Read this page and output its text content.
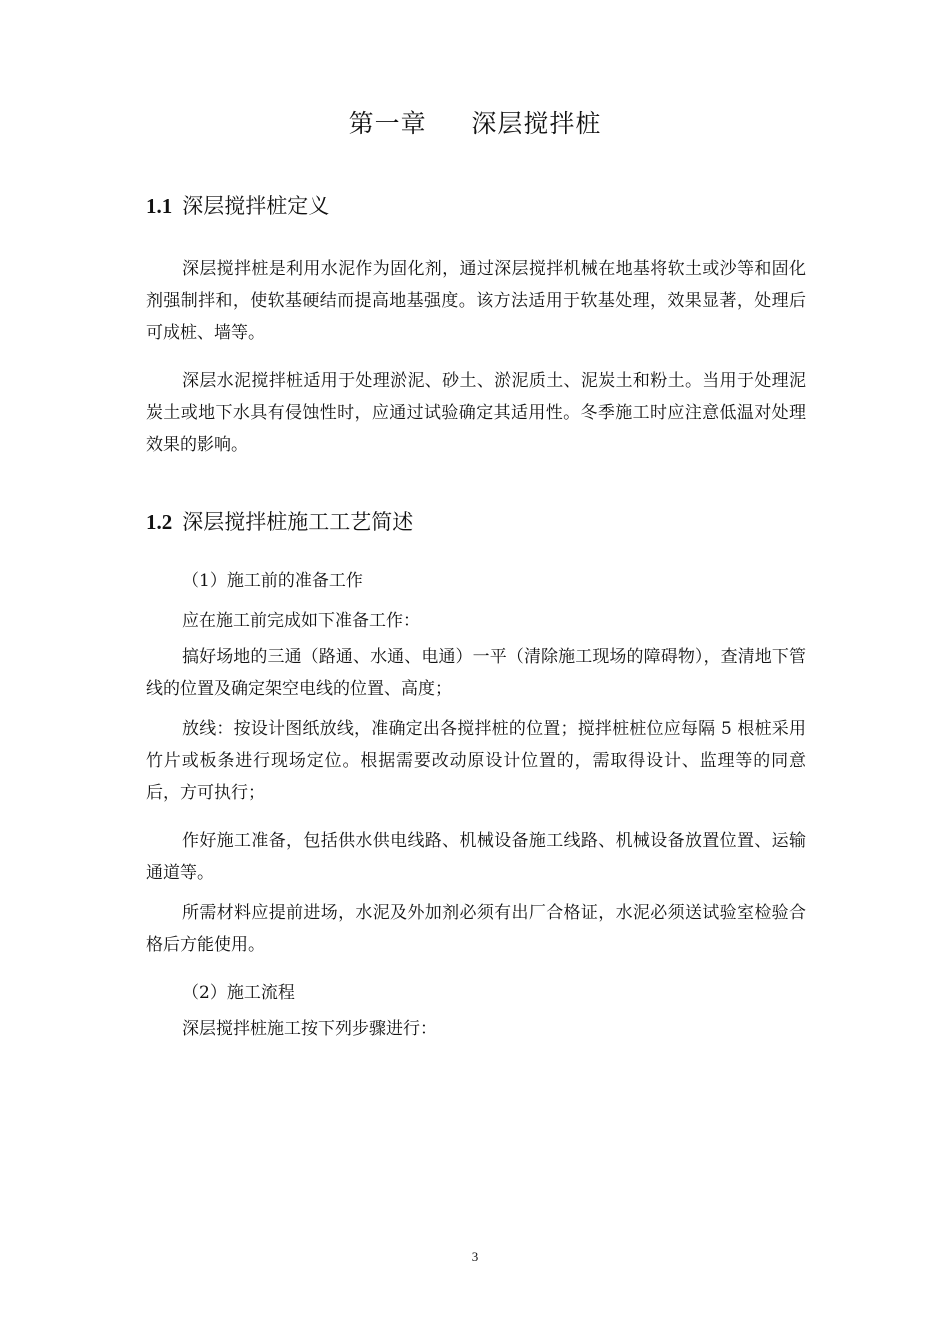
第一章     深层搅拌桩
1.1 深层搅拌桩定义

深层搅拌桩是利用水泥作为固化剂，通过深层搅拌机械在地基将软土或沙等和固化剂强制拌和，使软基硬结而提高地基强度。该方法适用于软基处理，效果显著，处理后可成桩、墙等。

深层水泥搅拌桩适用于处理淤泥、砂土、淤泥质土、泥炭土和粉土。当用于处理泥炭土或地下水具有侵蚀性时，应通过试验确定其适用性。冬季施工时应注意低温对处理效果的影响。

1.2 深层搅拌桩施工工艺简述

（1）施工前的准备工作

应在施工前完成如下准备工作：

搞好场地的三通（路通、水通、电通）一平（清除施工现场的障碍物），查清地下管线的位置及确定架空电线的位置、高度；

放线：按设计图纸放线，准确定出各搅拌桩的位置；搅拌桩桩位应每隔 5 根桩采用竹片或板条进行现场定位。根据需要改动原设计位置的，需取得设计、监理等的同意后，方可执行；

作好施工准备，包括供水供电线路、机械设备施工线路、机械设备放置位置、运输通道等。

所需材料应提前进场，水泥及外加剂必须有出厂合格证，水泥必须送试验室检验合格后方能使用。

（2）施工流程

深层搅拌桩施工按下列步骤进行：

3
